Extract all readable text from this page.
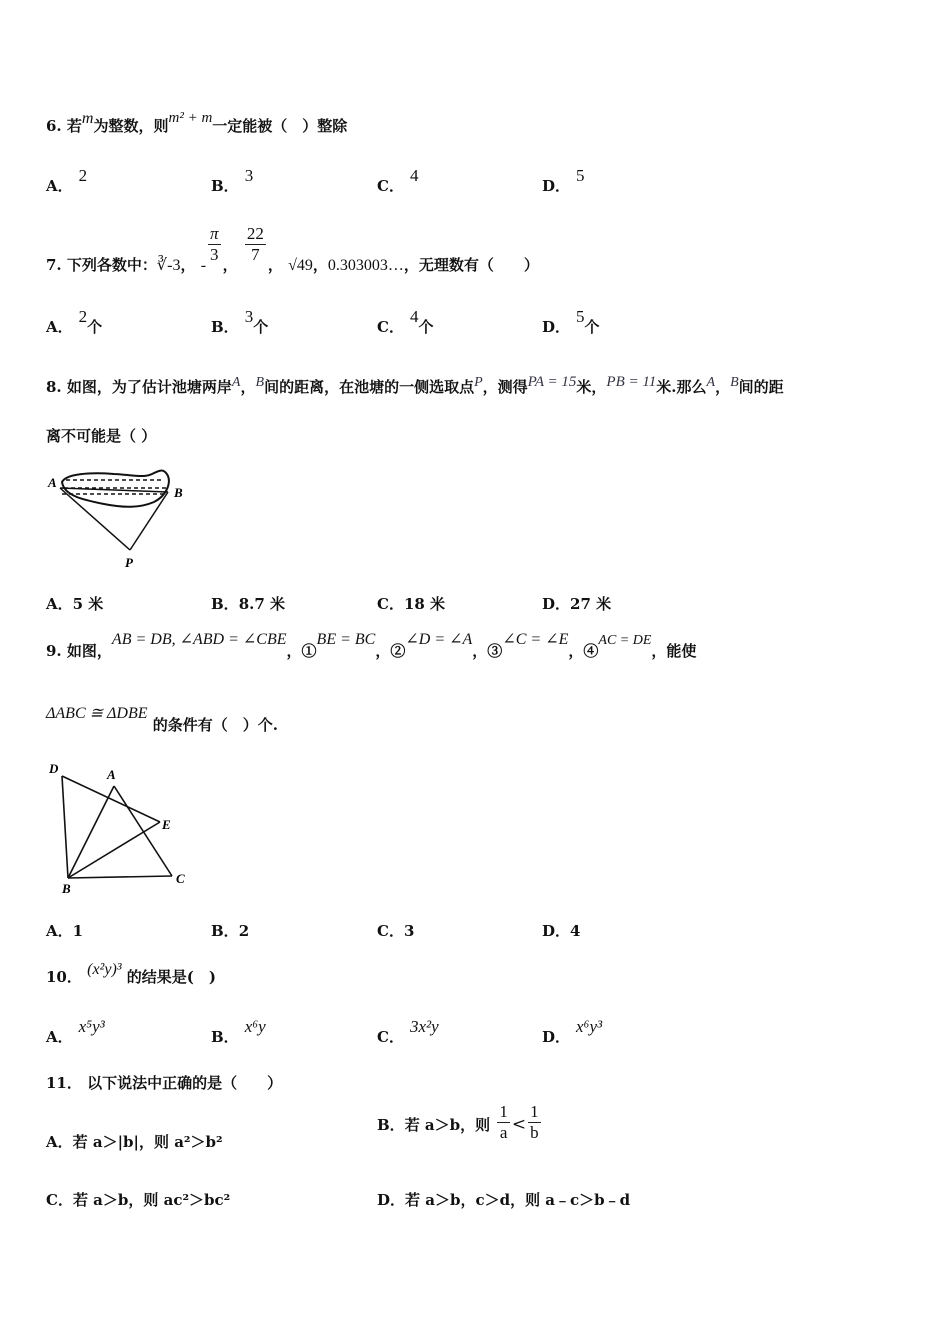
6. 若m为整数，则m² + m一定能被（　）整除
A．2
B．3
C．4
D．5
7. 下列各数中：∛-3， - $\frac{\pi}{3}$ ， $\frac{22}{7}$ ， √49，0.303003…，无理数有（　　）
A．2个	B．3个	C．4个	D．5个
8. 如图，为了估计池塘两岸A，B间的距离，在池塘的一侧选取点P，测得PA = 15米，PB = 11米.那么A，B间的距
离不可能是（ ）
A
B
P
A．5 米	B．8.7 米	C．18 米	D．27 米
9. 如图，AB = DB, ∠ABD = ∠CBE，①BE = BC，②∠D = ∠A，③∠C = ∠E，④AC = DE，能使
ΔABC ≅ ΔDBE 的条件有（　）个.
D	A
E
B
C
A．1	B．2	C．3	D．4
10． (x²y)³ 的结果是(　)
A．x⁵y³
B．x⁶y
C．3x²y
D．x⁶y³
11． 以下说法中正确的是（　　）
A．若 a＞|b|，则 a²＞b²
B．若 a＞b，则 $\frac{1}{a} < \frac{1}{b}$
C．若 a＞b，则 ac²＞bc²	D．若 a＞b，c＞d，则 a﹣c＞b﹣d
